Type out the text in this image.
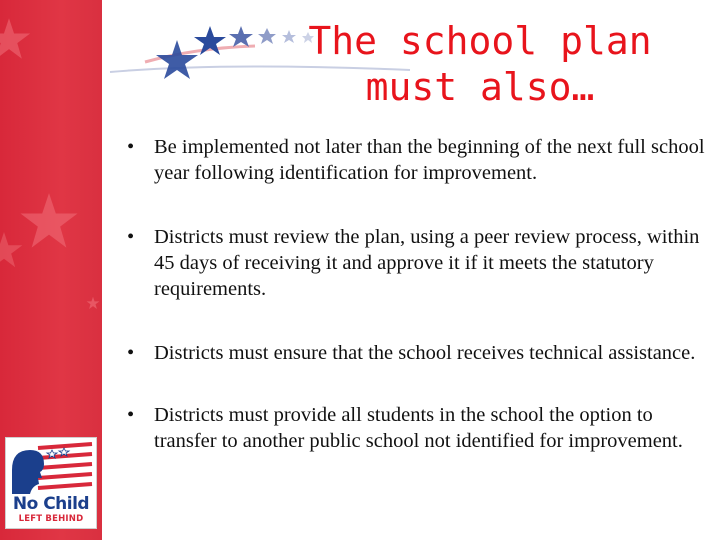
The school plan
must also…
• Be implemented not later than the beginning of the next full school year following identification for improvement.
• Districts must review the plan, using a peer review process, within 45 days of receiving it and approve it if it meets the statutory requirements.
• Districts must ensure that the school receives technical assistance.
• Districts must provide all students in the school the option to transfer to another public school not identified for improvement.
No Child
LEFT BEHIND
